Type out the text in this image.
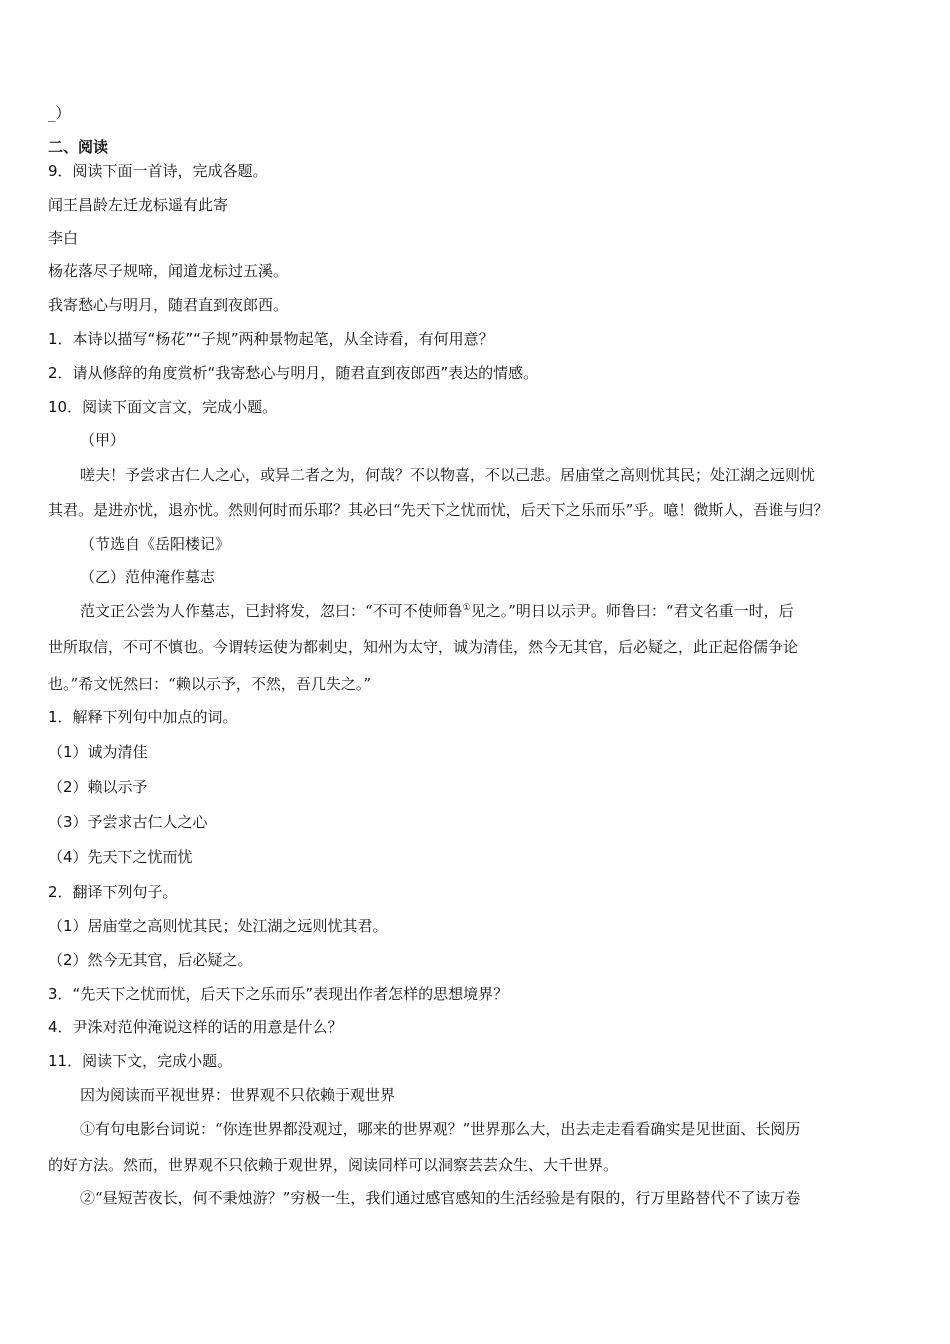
_）
二、阅读
9．阅读下面一首诗，完成各题。
闻王昌龄左迁龙标遥有此寄
李白
杨花落尽子规啼，闻道龙标过五溪。
我寄愁心与明月，随君直到夜郎西。
1．本诗以描写“杨花”“子规”两种景物起笔，从全诗看，有何用意？
2．请从修辞的角度赏析“我寄愁心与明月，随君直到夜郎西”表达的情感。
10．阅读下面文言文，完成小题。
（甲）
嗟夫！予尝求古仁人之心，或异二者之为，何哉？不以物喜，不以己悲。居庙堂之高则忧其民；处江湖之远则忧
其君。是进亦忧，退亦忧。然则何时而乐耶？其必曰“先天下之忧而忧，后天下之乐而乐”乎。噫！微斯人，吾谁与归？
（节选自《岳阳楼记》
（乙）范仲淹作墓志
范文正公尝为人作墓志，已封将发，忽曰：“不可不使师鲁①见之。”明日以示尹。师鲁曰：“君文名重一时，后
世所取信，不可不慎也。今谓转运使为都刺史，知州为太守，诚为清佳，然今无其官，后必疑之，此正起俗儒争论
也。”希文怃然曰：“赖以示予，不然，吾几失之。”
1．解释下列句中加点的词。
（1）诚为清佳
（2）赖以示予
（3）予尝求古仁人之心
（4）先天下之忧而忧
2．翻译下列句子。
（1）居庙堂之高则忧其民；处江湖之远则忧其君。
（2）然今无其官，后必疑之。
3．“先天下之忧而忧，后天下之乐而乐”表现出作者怎样的思想境界？
4．尹洙对范仲淹说这样的话的用意是什么？
11．阅读下文，完成小题。
因为阅读而平视世界：世界观不只依赖于观世界
①有句电影台词说：“你连世界都没观过，哪来的世界观？”世界那么大，出去走走看看确实是见世面、长阅历
的好方法。然而，世界观不只依赖于观世界，阅读同样可以洞察芸芸众生、大千世界。
②“昼短苦夜长，何不秉烛游？”穷极一生，我们通过感官感知的生活经验是有限的，行万里路替代不了读万卷
